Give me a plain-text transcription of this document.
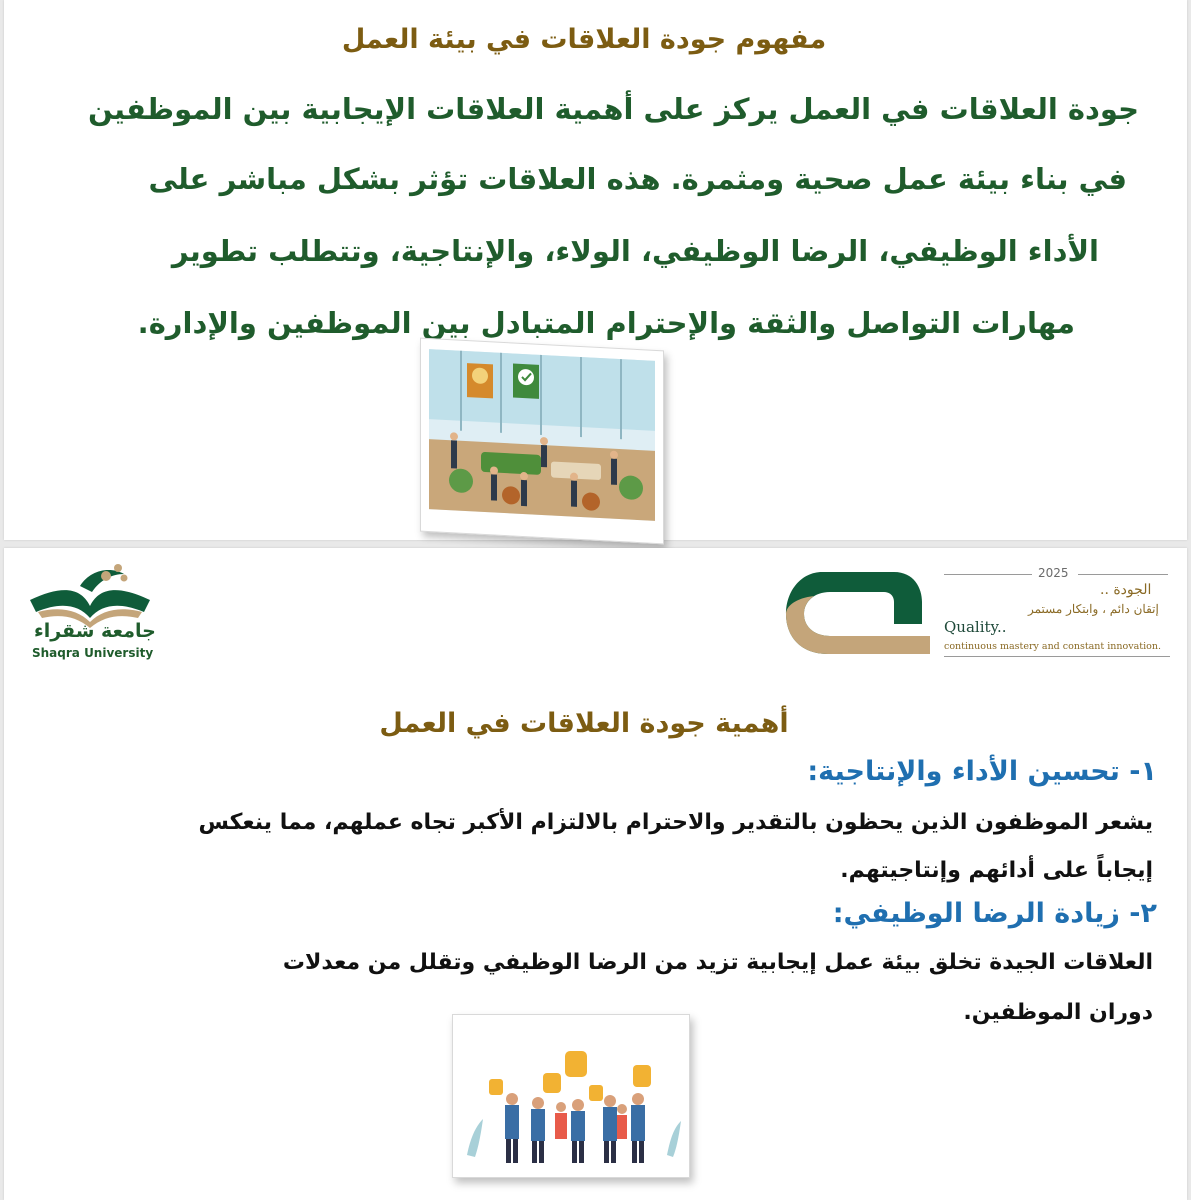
مفهوم جودة العلاقات في بيئة العمل
جودة العلاقات في العمل يركز على أهمية العلاقات الإيجابية بين الموظفين
في بناء بيئة عمل صحية ومثمرة. هذه العلاقات تؤثر بشكل مباشر على
الأداء الوظيفي، الرضا الوظيفي، الولاء، والإنتاجية، وتتطلب تطوير
مهارات التواصل والثقة والإحترام المتبادل بين الموظفين والإدارة.
جامعة شقراء
Shaqra University
2025
الجودة ..
إتقان دائم ، وابتكار مستمر
Quality..
continuous mastery and constant innovation.
أهمية جودة العلاقات في العمل
١- تحسين الأداء والإنتاجية:
يشعر الموظفون الذين يحظون بالتقدير والاحترام بالالتزام الأكبر تجاه عملهم، مما ينعكس
إيجاباً على أدائهم وإنتاجيتهم.
٢- زيادة الرضا الوظيفي:
العلاقات الجيدة تخلق بيئة عمل إيجابية تزيد من الرضا الوظيفي وتقلل من معدلات
دوران الموظفين.
